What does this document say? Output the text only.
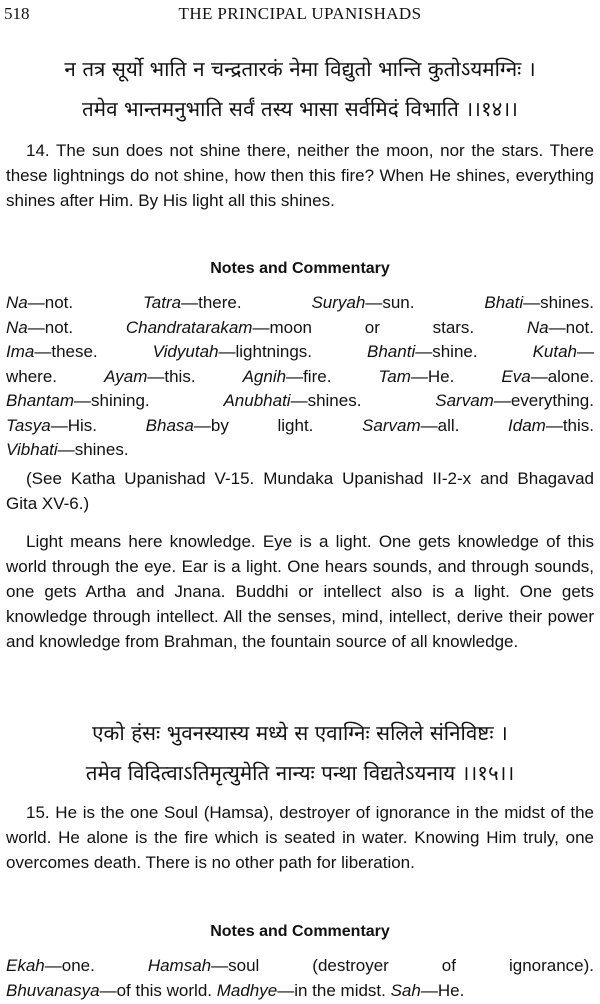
518	THE PRINCIPAL UPANISHADS
न तत्र सूर्यो भाति न चन्द्रतारकं नेमा विद्युतो भान्ति कुतोऽयमग्निः ।
तमेव भान्तमनुभाति सर्वं तस्य भासा सर्वमिदं विभाति ।।१४।।

14. The sun does not shine there, neither the moon, nor the stars. There these lightnings do not shine, how then this fire? When He shines, everything shines after Him. By His light all this shines.

Notes and Commentary
Na—not. Tatra—there. Suryah—sun. Bhati—shines.
Na—not. Chandratarakam—moon or stars. Na—not.
Ima—these. Vidyutah—lightnings. Bhanti—shine. Kutah—
where. Ayam—this. Agnih—fire. Tam—He. Eva—alone.
Bhantam—shining. Anubhati—shines. Sarvam—everything.
Tasya—His. Bhasa—by light. Sarvam—all. Idam—this.
Vibhati—shines.

(See Katha Upanishad V-15. Mundaka Upanishad II-2-x and Bhagavad Gita XV-6.)

Light means here knowledge. Eye is a light. One gets knowledge of this world through the eye. Ear is a light. One hears sounds, and through sounds, one gets Artha and Jnana. Buddhi or intellect also is a light. One gets knowledge through intellect. All the senses, mind, intellect, derive their power and knowledge from Brahman, the fountain source of all knowledge.

एको हंसः भुवनस्यास्य मध्ये स एवाग्निः सलिले संनिविष्टः ।
तमेव विदित्वाऽतिमृत्युमेति नान्यः पन्था विद्यतेऽयनाय ।।१५।।

15. He is the one Soul (Hamsa), destroyer of ignorance in the midst of the world. He alone is the fire which is seated in water. Knowing Him truly, one overcomes death. There is no other path for liberation.

Notes and Commentary
Ekah—one. Hamsah—soul (destroyer of ignorance).
Bhuvanasya—of this world. Madhye—in the midst. Sah—He.
